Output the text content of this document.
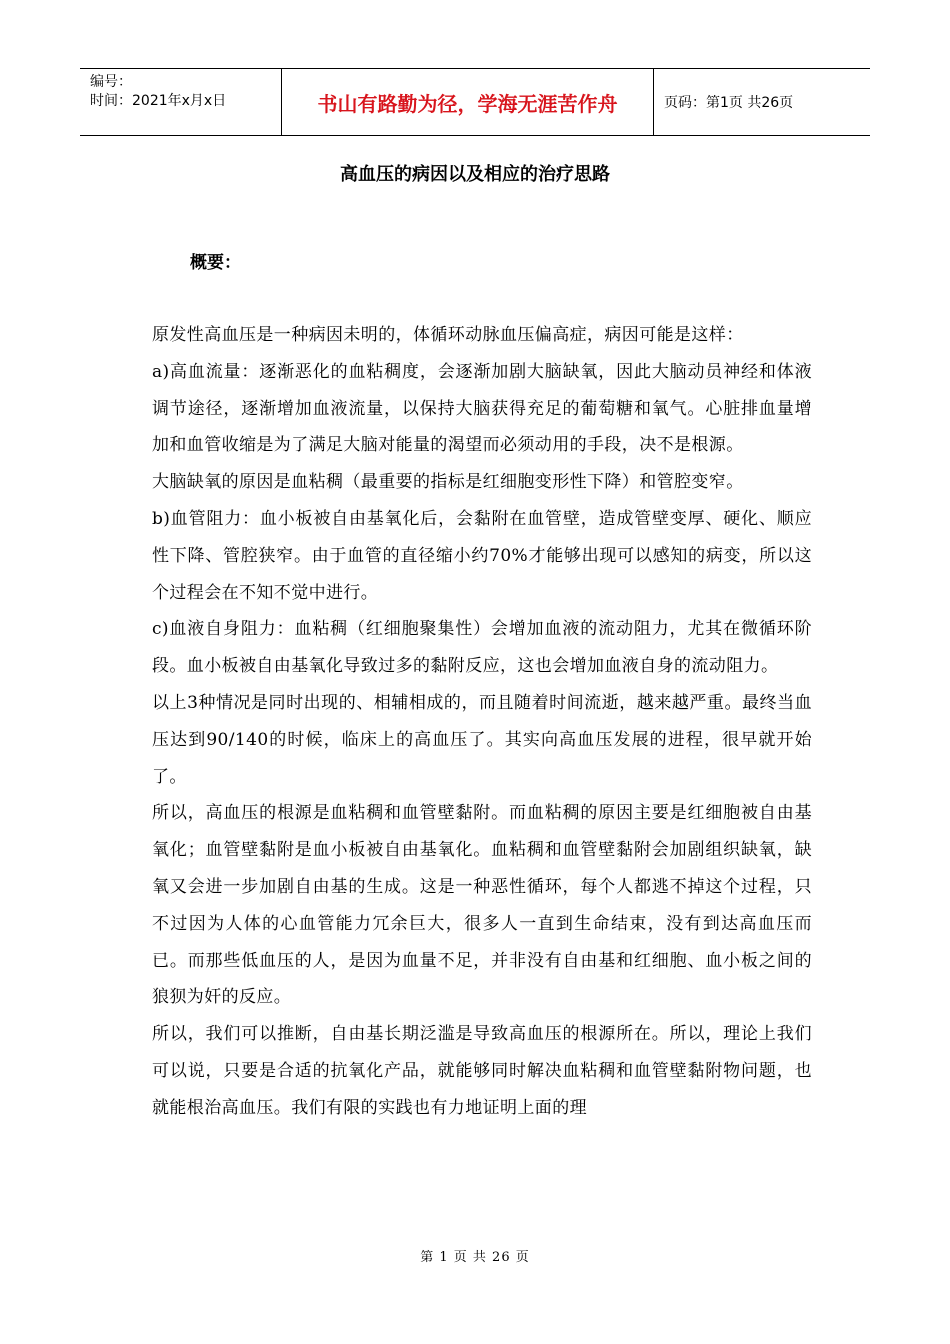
编号：
时间：2021年x月x日	书山有路勤为径，学海无涯苦作舟	页码：第1页 共26页
高血压的病因以及相应的治疗思路
概要：

原发性高血压是一种病因未明的，体循环动脉血压偏高症，病因可能是这样：

a)高血流量：逐渐恶化的血粘稠度，会逐渐加剧大脑缺氧，因此大脑动员神经和体液调节途径，逐渐增加血液流量，以保持大脑获得充足的葡萄糖和氧气。心脏排血量增加和血管收缩是为了满足大脑对能量的渴望而必须动用的手段，决不是根源。

大脑缺氧的原因是血粘稠（最重要的指标是红细胞变形性下降）和管腔变窄。

b)血管阻力：血小板被自由基氧化后，会黏附在血管壁，造成管壁变厚、硬化、顺应性下降、管腔狭窄。由于血管的直径缩小约70%才能够出现可以感知的病变，所以这个过程会在不知不觉中进行。

c)血液自身阻力：血粘稠（红细胞聚集性）会增加血液的流动阻力，尤其在微循环阶段。血小板被自由基氧化导致过多的黏附反应，这也会增加血液自身的流动阻力。

以上3种情况是同时出现的、相辅相成的，而且随着时间流逝，越来越严重。最终当血压达到90/140的时候，临床上的高血压了。其实向高血压发展的进程，很早就开始了。

所以，高血压的根源是血粘稠和血管壁黏附。而血粘稠的原因主要是红细胞被自由基氧化；血管壁黏附是血小板被自由基氧化。血粘稠和血管壁黏附会加剧组织缺氧，缺氧又会进一步加剧自由基的生成。这是一种恶性循环，每个人都逃不掉这个过程，只不过因为人体的心血管能力冗余巨大，很多人一直到生命结束，没有到达高血压而已。而那些低血压的人，是因为血量不足，并非没有自由基和红细胞、血小板之间的狼狈为奸的反应。

所以，我们可以推断，自由基长期泛滥是导致高血压的根源所在。所以，理论上我们可以说，只要是合适的抗氧化产品，就能够同时解决血粘稠和血管壁黏附物问题，也就能根治高血压。我们有限的实践也有力地证明上面的理

第 1 页 共 26 页
